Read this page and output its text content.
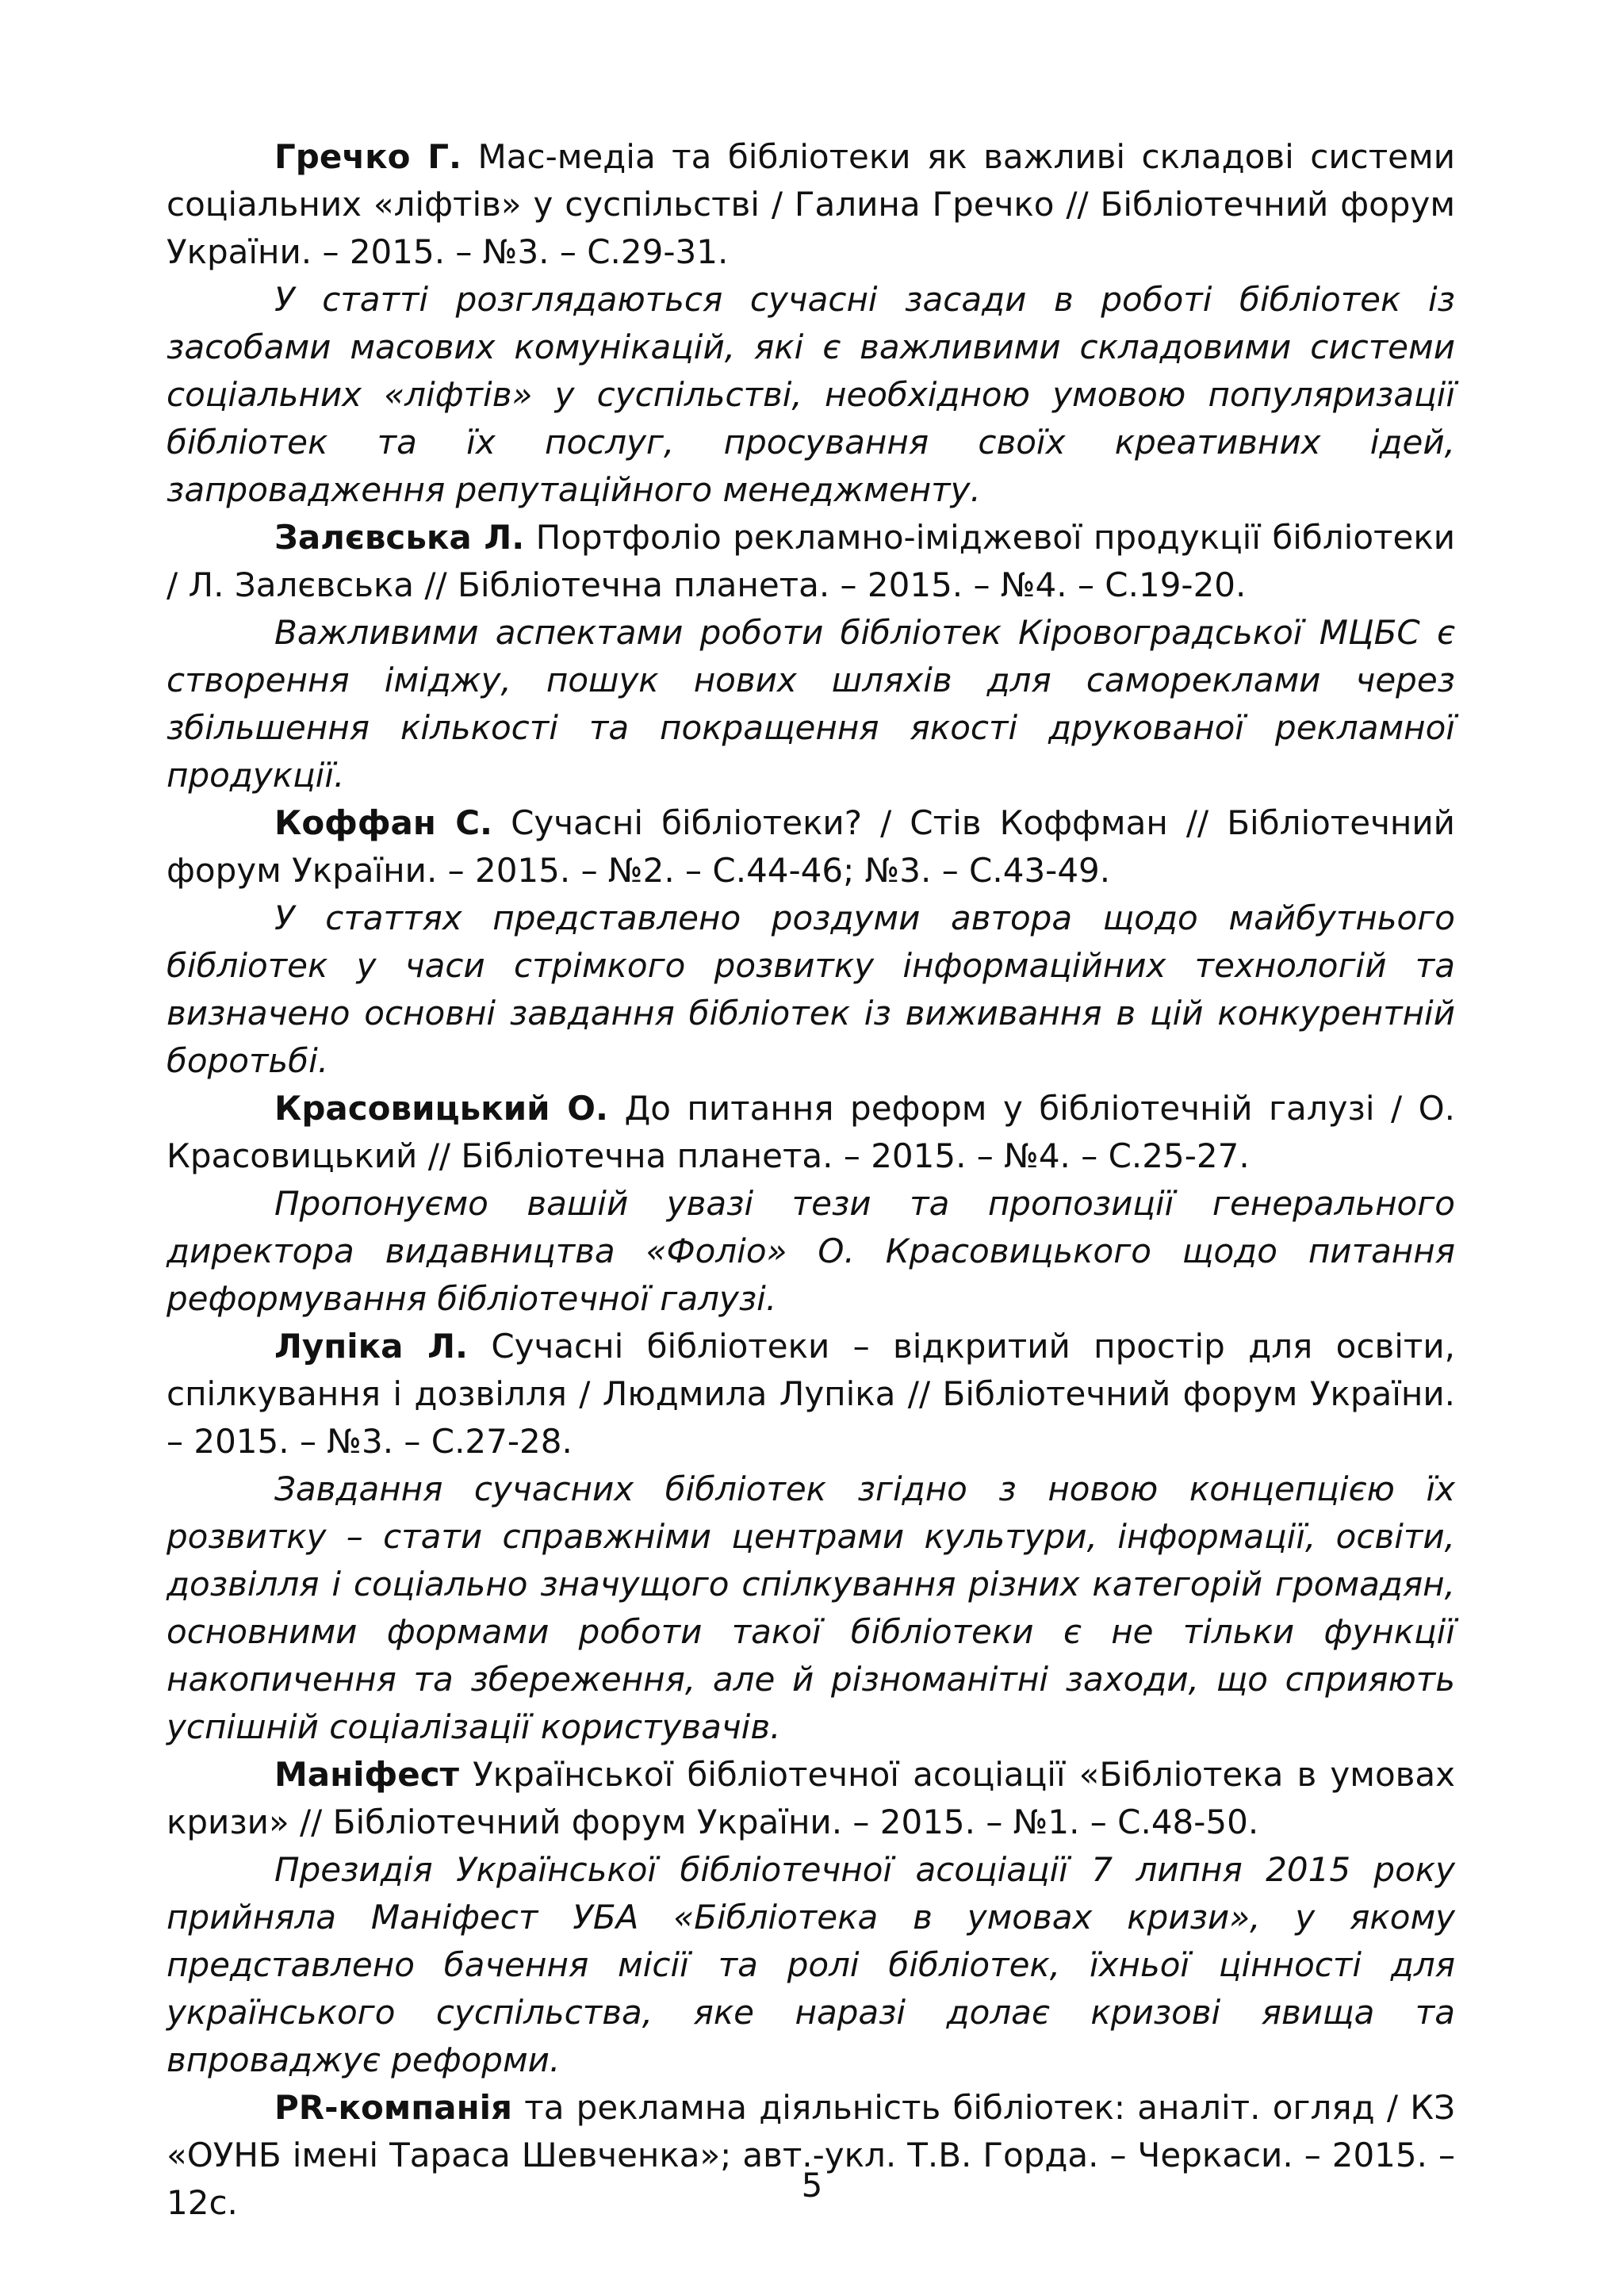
Гречко Г. Мас-медіа та бібліотеки як важливі складові системи соціальних «ліфтів» у суспільстві / Галина Гречко // Бібліотечний форум України. – 2015. – №3. – С.29-31.

У статті розглядаються сучасні засади в роботі бібліотек із засобами масових комунікацій, які є важливими складовими системи соціальних «ліфтів» у суспільстві, необхідною умовою популяризації бібліотек та їх послуг, просування своїх креативних ідей, запровадження репутаційного менеджменту.

Залєвська Л. Портфоліо рекламно-іміджевої продукції бібліотеки / Л. Залєвська // Бібліотечна планета. – 2015. – №4. – С.19-20.

Важливими аспектами роботи бібліотек Кіровоградської МЦБС є створення іміджу, пошук нових шляхів для самореклами через збільшення кількості та покращення якості друкованої рекламної продукції.

Коффан С. Сучасні бібліотеки? / Стів Коффман // Бібліотечний форум України. – 2015. – №2. – С.44-46; №3. – С.43-49.

У статтях представлено роздуми автора щодо майбутнього бібліотек у часи стрімкого розвитку інформаційних технологій та визначено основні завдання бібліотек із виживання в цій конкурентній боротьбі.

Красовицький О. До питання реформ у бібліотечній галузі / О. Красовицький // Бібліотечна планета. – 2015. – №4. – С.25-27.

Пропонуємо вашій увазі тези та пропозиції генерального директора видавництва «Фоліо» О. Красовицького щодо питання реформування бібліотечної галузі.

Лупіка Л. Сучасні бібліотеки – відкритий простір для освіти, спілкування і дозвілля / Людмила Лупіка // Бібліотечний форум України. – 2015. – №3. – С.27-28.

Завдання сучасних бібліотек згідно з новою концепцією їх розвитку – стати справжніми центрами культури, інформації, освіти, дозвілля і соціально значущого спілкування різних категорій громадян, основними формами роботи такої бібліотеки є не тільки функції накопичення та збереження, але й різноманітні заходи, що сприяють успішній соціалізації користувачів.

Маніфест Української бібліотечної асоціації «Бібліотека в умовах кризи» // Бібліотечний форум України. – 2015. – №1. – С.48-50.

Президія Української бібліотечної асоціації 7 липня 2015 року прийняла Маніфест УБА «Бібліотека в умовах кризи», у якому представлено бачення місії та ролі бібліотек, їхньої цінності для українського суспільства, яке наразі долає кризові явища та впроваджує реформи.

PR-компанія та рекламна діяльність бібліотек: аналіт. огляд / КЗ «ОУНБ імені Тараса Шевченка»; авт.-укл. Т.В. Горда. – Черкаси. – 2015. – 12с.	5
